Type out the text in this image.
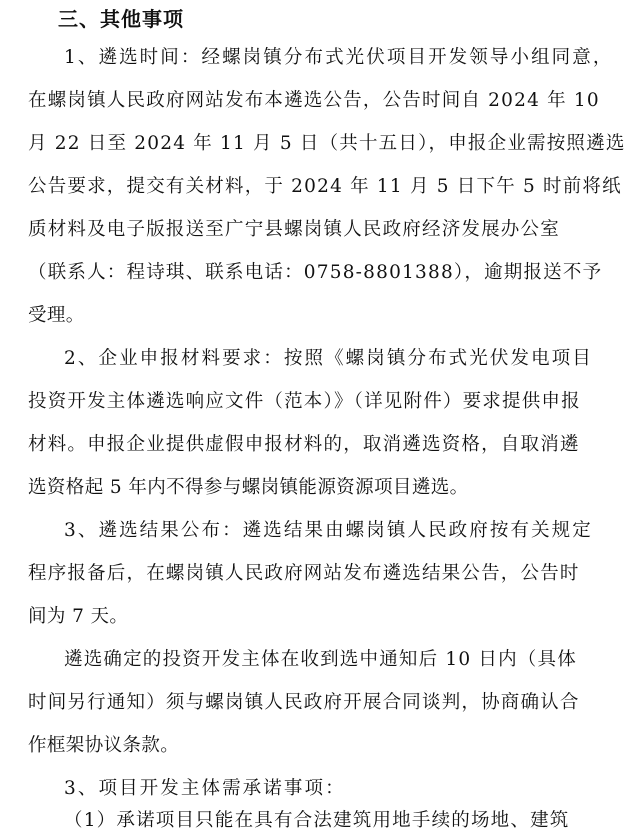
三、其他事项
1、遴选时间：经螺岗镇分布式光伏项目开发领导小组同意，
在螺岗镇人民政府网站发布本遴选公告，公告时间自 2024 年 10
月 22 日至 2024 年 11 月 5 日（共十五日），申报企业需按照遴选
公告要求，提交有关材料，于 2024 年 11 月 5 日下午 5 时前将纸
质材料及电子版报送至广宁县螺岗镇人民政府经济发展办公室
（联系人：程诗琪、联系电话：0758-8801388），逾期报送不予
受理。
2、企业申报材料要求：按照《螺岗镇分布式光伏发电项目
投资开发主体遴选响应文件（范本）》（详见附件）要求提供申报
材料。申报企业提供虚假申报材料的，取消遴选资格，自取消遴
选资格起 5 年内不得参与螺岗镇能源资源项目遴选。
3、遴选结果公布：遴选结果由螺岗镇人民政府按有关规定
程序报备后，在螺岗镇人民政府网站发布遴选结果公告，公告时
间为 7 天。
遴选确定的投资开发主体在收到选中通知后 10 日内（具体
时间另行通知）须与螺岗镇人民政府开展合同谈判，协商确认合
作框架协议条款。
3、项目开发主体需承诺事项：
（1）承诺项目只能在具有合法建筑用地手续的场地、建筑
